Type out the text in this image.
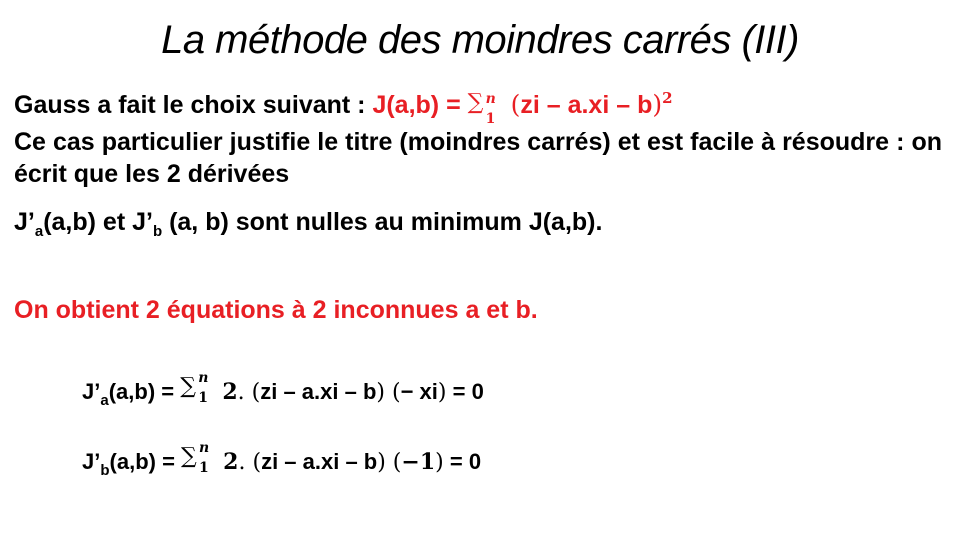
La méthode des moindres carrés (III)
Gauss a fait le choix suivant : J(a,b) = ∑ n
1
(zi – a.xi – b)$^2$
Ce cas particulier justifie le titre (moindres carrés) et est facile à résoudre : on écrit que les 2 dérivées
$J’_a(a,b)$ et $J’_b$ (a, b) sont nulles au minimum J(a,b).
On obtient 2 équations à 2 inconnues a et b.
$J’_a(a,b)$ = ∑ n
1 2. (zi – a.xi – b) (− xi) = 0
$J’_b(a,b)$ = ∑ n
1 2. (zi – a.xi – b) (−1) = 0
